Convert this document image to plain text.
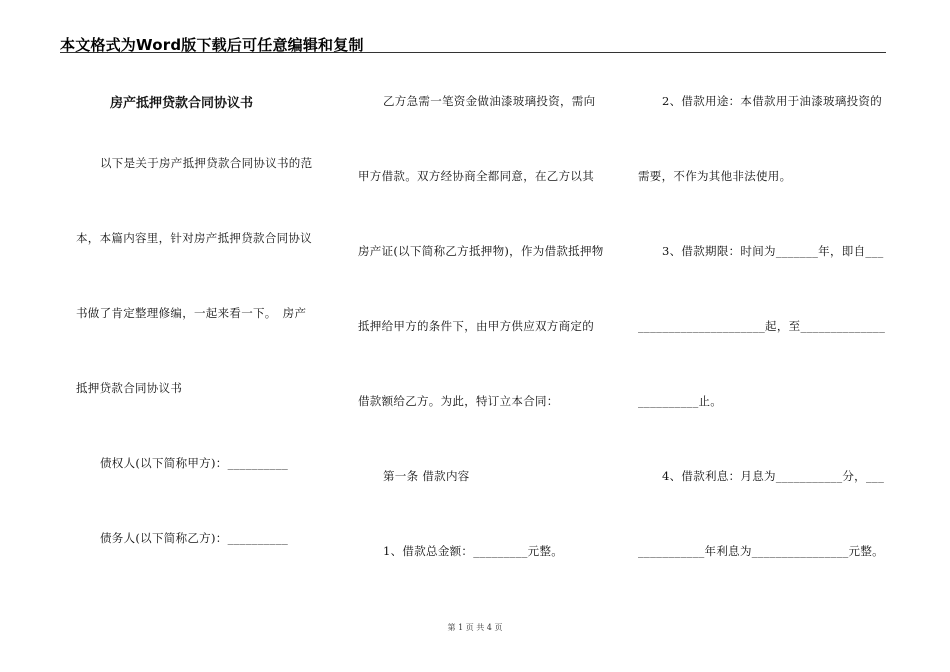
本文格式为Word版下载后可任意编辑和复制
房产抵押贷款合同协议书
以下是关于房产抵押贷款合同协议书的范
本，本篇内容里，针对房产抵押贷款合同协议
书做了肯定整理修编，一起来看一下。　房产
抵押贷款合同协议书
债权人(以下简称甲方)：__________
债务人(以下简称乙方)：__________
乙方急需一笔资金做油漆玻璃投资，需向
甲方借款。双方经协商全都同意，在乙方以其
房产证(以下简称乙方抵押物)，作为借款抵押物
抵押给甲方的条件下，由甲方供应双方商定的
借款额给乙方。为此，特订立本合同：
第一条 借款内容
1、借款总金额：_________元整。
2、借款用途：本借款用于油漆玻璃投资的
需要，不作为其他非法使用。
3、借款期限：时间为_______年，即自___
_____________________起，至______________
__________止。
4、借款利息：月息为___________分，___
___________年利息为________________元整。
第 1 页 共 4 页
